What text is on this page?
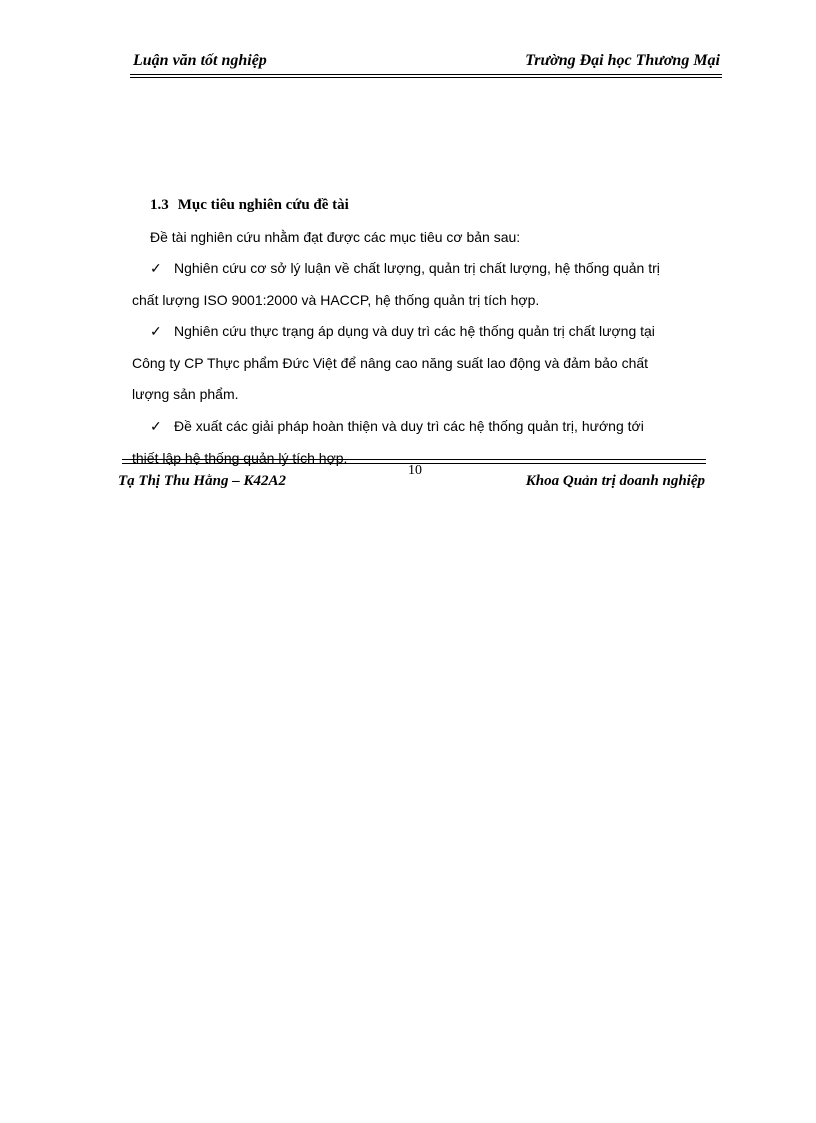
Luận văn tốt nghiệp	Trường Đại học Thương Mại
1.3 Mục tiêu nghiên cứu đề tài
Đề tài nghiên cứu nhằm đạt được các mục tiêu cơ bản sau:
✓ Nghiên cứu cơ sở lý luận về chất lượng, quản trị chất lượng, hệ thống quản trị
chất lượng ISO 9001:2000 và HACCP, hệ thống quản trị tích hợp.
✓ Nghiên cứu thực trạng áp dụng và duy trì các hệ thống quản trị chất lượng tại
Công ty CP Thực phẩm Đức Việt để nâng cao năng suất lao động và đảm bảo chất
lượng sản phẩm.
✓ Đề xuất các giải pháp hoàn thiện và duy trì các hệ thống quản trị, hướng tới
thiết lập hệ thống quản lý tích hợp.
10
Tạ Thị Thu Hằng – K42A2	Khoa Quản trị doanh nghiệp
